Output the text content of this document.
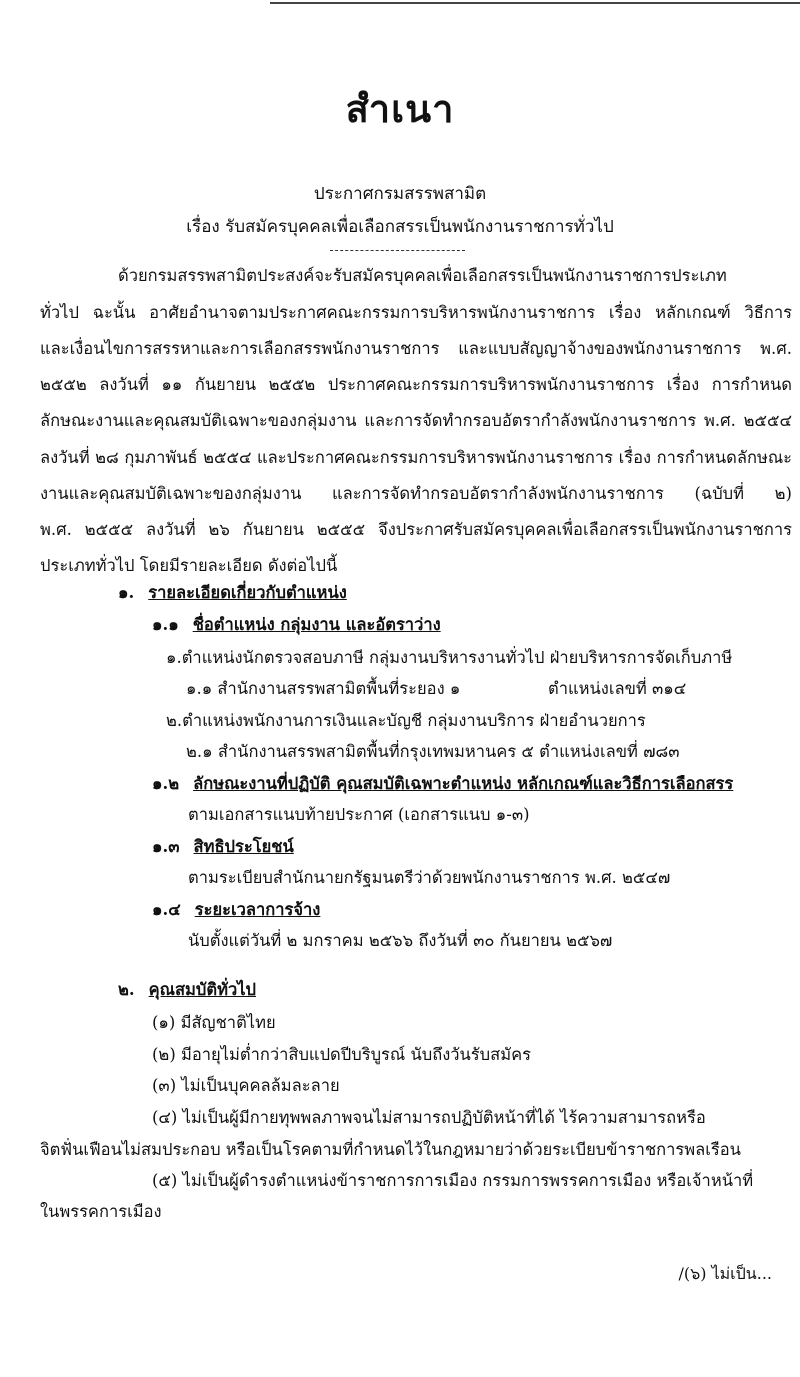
สำเนา
ประกาศกรมสรรพสามิต
เรื่อง รับสมัครบุคคลเพื่อเลือกสรรเป็นพนักงานราชการทั่วไป
ด้วยกรมสรรพสามิตประสงค์จะรับสมัครบุคคลเพื่อเลือกสรรเป็นพนักงานราชการประเภท
ทั่วไป ฉะนั้น อาศัยอำนาจตามประกาศคณะกรรมการบริหารพนักงานราชการ เรื่อง หลักเกณฑ์ วิธีการ
และเงื่อนไขการสรรหาและการเลือกสรรพนักงานราชการ และแบบสัญญาจ้างของพนักงานราชการ พ.ศ.
๒๕๕๒ ลงวันที่ ๑๑ กันยายน ๒๕๕๒ ประกาศคณะกรรมการบริหารพนักงานราชการ เรื่อง การกำหนด
ลักษณะงานและคุณสมบัติเฉพาะของกลุ่มงาน และการจัดทำกรอบอัตรากำลังพนักงานราชการ พ.ศ. ๒๕๕๔
ลงวันที่ ๒๘ กุมภาพันธ์ ๒๕๕๔ และประกาศคณะกรรมการบริหารพนักงานราชการ เรื่อง การกำหนดลักษณะ
งานและคุณสมบัติเฉพาะของกลุ่มงาน และการจัดทำกรอบอัตรากำลังพนักงานราชการ (ฉบับที่ ๒)
พ.ศ. ๒๕๕๕ ลงวันที่ ๒๖ กันยายน ๒๕๕๕ จึงประกาศรับสมัครบุคคลเพื่อเลือกสรรเป็นพนักงานราชการ
ประเภททั่วไป โดยมีรายละเอียด ดังต่อไปนี้
๑. รายละเอียดเกี่ยวกับตำแหน่ง
๑.๑ ชื่อตำแหน่ง กลุ่มงาน และอัตราว่าง
๑.ตำแหน่งนักตรวจสอบภาษี กลุ่มงานบริหารงานทั่วไป ฝ่ายบริหารการจัดเก็บภาษี
๑.๑ สำนักงานสรรพสามิตพื้นที่ระยอง ๑	ตำแหน่งเลขที่ ๓๑๔
๒.ตำแหน่งพนักงานการเงินและบัญชี กลุ่มงานบริการ ฝ่ายอำนวยการ
๒.๑ สำนักงานสรรพสามิตพื้นที่กรุงเทพมหานคร ๕ ตำแหน่งเลขที่ ๗๘๓
๑.๒ ลักษณะงานที่ปฏิบัติ คุณสมบัติเฉพาะตำแหน่ง หลักเกณฑ์และวิธีการเลือกสรร
ตามเอกสารแนบท้ายประกาศ (เอกสารแนบ ๑-๓)
๑.๓ สิทธิประโยชน์
ตามระเบียบสำนักนายกรัฐมนตรีว่าด้วยพนักงานราชการ พ.ศ. ๒๕๔๗
๑.๔ ระยะเวลาการจ้าง
นับตั้งแต่วันที่ ๒ มกราคม ๒๕๖๖ ถึงวันที่ ๓๐ กันยายน ๒๕๖๗
๒. คุณสมบัติทั่วไป
(๑) มีสัญชาติไทย
(๒) มีอายุไม่ต่ำกว่าสิบแปดปีบริบูรณ์ นับถึงวันรับสมัคร
(๓) ไม่เป็นบุคคลล้มละลาย
(๔) ไม่เป็นผู้มีกายทุพพลภาพจนไม่สามารถปฏิบัติหน้าที่ได้ ไร้ความสามารถหรือ
จิตฟั่นเฟือนไม่สมประกอบ หรือเป็นโรคตามที่กำหนดไว้ในกฎหมายว่าด้วยระเบียบข้าราชการพลเรือน
(๕) ไม่เป็นผู้ดำรงตำแหน่งข้าราชการการเมือง กรรมการพรรคการเมือง หรือเจ้าหน้าที่
ในพรรคการเมือง
/(๖) ไม่เป็น...
